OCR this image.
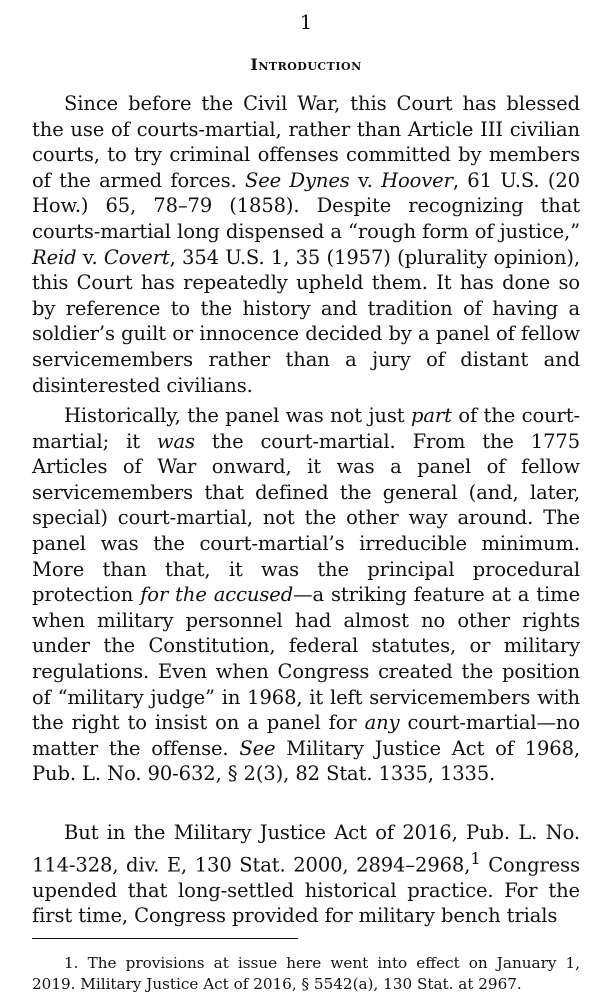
1
Introduction

Since before the Civil War, this Court has blessed the use of courts-martial, rather than Article III civilian courts, to try criminal offenses committed by members of the armed forces. See Dynes v. Hoover, 61 U.S. (20 How.) 65, 78–79 (1858). Despite recognizing that courts-martial long dispensed a “rough form of justice,” Reid v. Covert, 354 U.S. 1, 35 (1957) (plurality opinion), this Court has repeatedly upheld them. It has done so by reference to the history and tradition of having a soldier’s guilt or innocence decided by a panel of fellow servicemembers rather than a jury of distant and disinterested civilians.

Historically, the panel was not just part of the court-martial; it was the court-martial. From the 1775 Articles of War onward, it was a panel of fellow servicemembers that defined the general (and, later, special) court-martial, not the other way around. The panel was the court-martial’s irreducible minimum. More than that, it was the principal procedural protection for the accused—a striking feature at a time when military personnel had almost no other rights under the Constitution, federal statutes, or military regulations. Even when Congress created the position of “military judge” in 1968, it left servicemembers with the right to insist on a panel for any court-martial—no matter the offense. See Military Justice Act of 1968, Pub. L. No. 90-632, § 2(3), 82 Stat. 1335, 1335.

But in the Military Justice Act of 2016, Pub. L. No. 114-328, div. E, 130 Stat. 2000, 2894–2968,$^1$ Congress upended that long-settled historical practice. For the first time, Congress provided for military bench trials

1. The provisions at issue here went into effect on January 1, 2019. Military Justice Act of 2016, § 5542(a), 130 Stat. at 2967.
